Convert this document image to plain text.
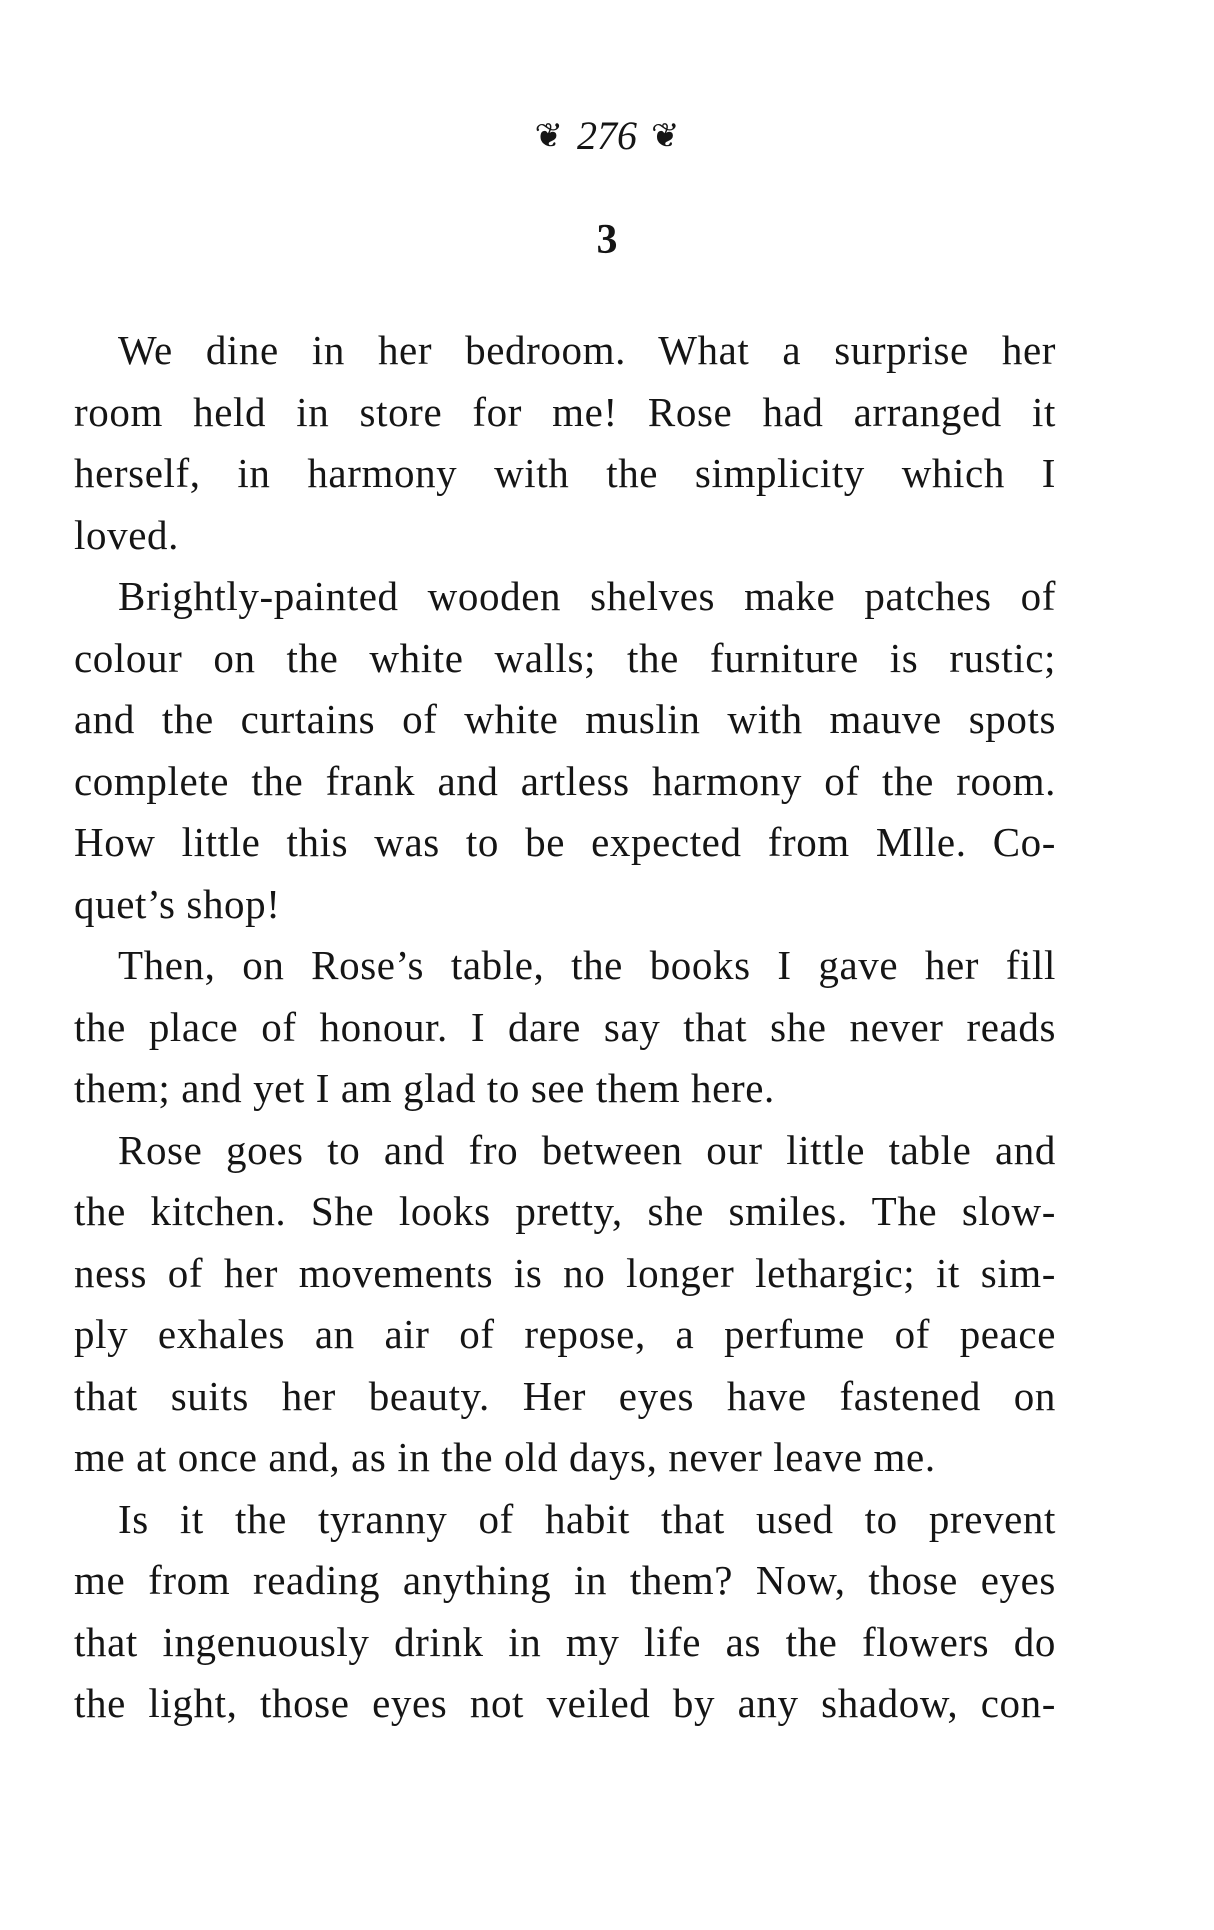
❦ 276 ❦
3
We dine in her bedroom. What a surprise her
room held in store for me! Rose had arranged it
herself, in harmony with the simplicity which I
loved.
Brightly-painted wooden shelves make patches of
colour on the white walls; the furniture is rustic;
and the curtains of white muslin with mauve spots
complete the frank and artless harmony of the room.
How little this was to be expected from Mlle. Co-
quet’s shop!
Then, on Rose’s table, the books I gave her fill
the place of honour. I dare say that she never reads
them; and yet I am glad to see them here.
Rose goes to and fro between our little table and
the kitchen. She looks pretty, she smiles. The slow-
ness of her movements is no longer lethargic; it sim-
ply exhales an air of repose, a perfume of peace
that suits her beauty. Her eyes have fastened on
me at once and, as in the old days, never leave me.
Is it the tyranny of habit that used to prevent
me from reading anything in them? Now, those eyes
that ingenuously drink in my life as the flowers do
the light, those eyes not veiled by any shadow, con-
